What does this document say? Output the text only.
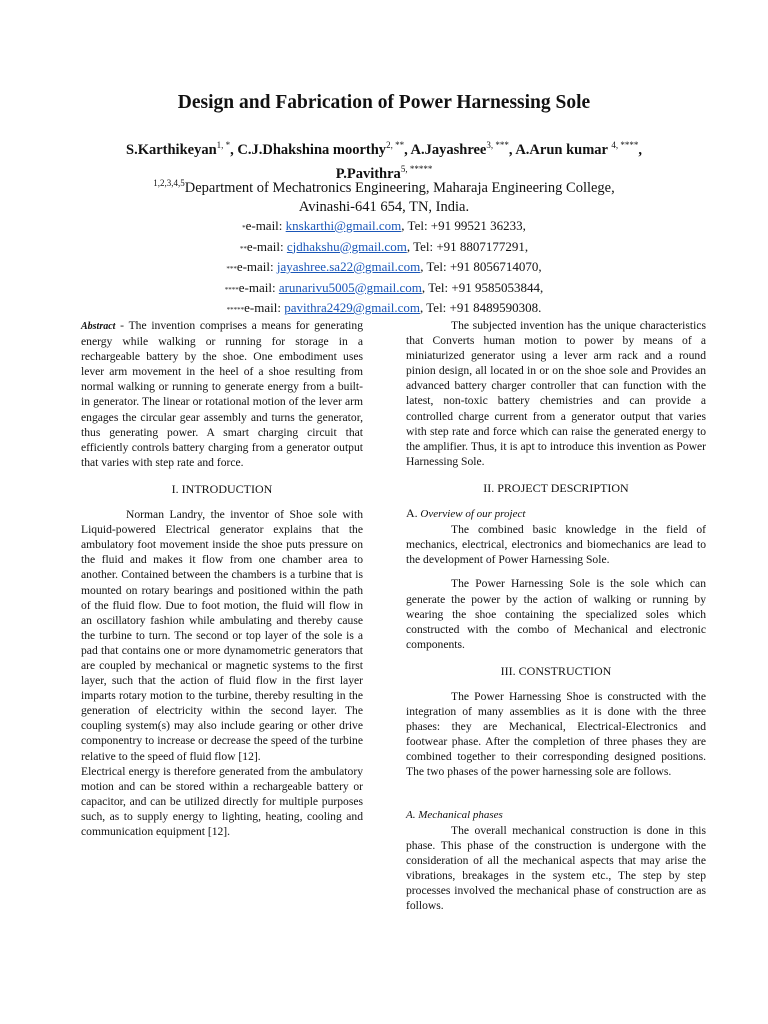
Design and Fabrication of Power Harnessing Sole
S.Karthikeyan$^{1, *}$, C.J.Dhakshina moorthy$^{2, **}$, A.Jayashree$^{3, ***}$, A.Arun kumar $^{4, ****}$,
P.Pavithra$^{5, *****}$
$^{1,2,3,4,5}$Department of Mechatronics Engineering, Maharaja Engineering College,
Avinashi-641 654, TN, India.
*e-mail: knskarthi@gmail.com, Tel: +91 99521 36233,
**e-mail: cjdhakshu@gmail.com, Tel: +91 8807177291,
***e-mail: jayashree.sa22@gmail.com, Tel: +91 8056714070,
****e-mail: arunarivu5005@gmail.com, Tel: +91 9585053844,
*****e-mail: pavithra2429@gmail.com, Tel: +91 8489590308.

Abstract - The invention comprises a means for generating energy while walking or running for storage in a rechargeable battery by the shoe. One embodiment uses lever arm movement in the heel of a shoe resulting from normal walking or running to generate energy from a built-in generator. The linear or rotational motion of the lever arm engages the circular gear assembly and turns the generator, thus generating power. A smart charging circuit that efficiently controls battery charging from a generator output that varies with step rate and force.

I. INTRODUCTION

Norman Landry, the inventor of Shoe sole with Liquid-powered Electrical generator explains that the ambulatory foot movement inside the shoe puts pressure on the fluid and makes it flow from one chamber area to another. Contained between the chambers is a turbine that is mounted on rotary bearings and positioned within the path of the fluid flow. Due to foot motion, the fluid will flow in an oscillatory fashion while ambulating and thereby cause the turbine to turn. The second or top layer of the sole is a pad that contains one or more dynamometric generators that are coupled by mechanical or magnetic systems to the first layer, such that the action of fluid flow in the first layer imparts rotary motion to the turbine, thereby resulting in the generation of electricity within the second layer. The coupling system(s) may also include gearing or other drive componentry to increase or decrease the speed of the turbine relative to the speed of fluid flow [12].

Electrical energy is therefore generated from the ambulatory motion and can be stored within a rechargeable battery or capacitor, and can be utilized directly for multiple purposes such, as to supply energy to lighting, heating, cooling and communication equipment [12].

The subjected invention has the unique characteristics that Converts human motion to power by means of a miniaturized generator using a lever arm rack and a round pinion design, all located in or on the shoe sole and Provides an advanced battery charger controller that can function with the latest, non-toxic battery chemistries and can provide a controlled charge current from a generator output that varies with step rate and force which can raise the generated energy to the amplifier. Thus, it is apt to introduce this invention as Power Harnessing Sole.

II. PROJECT DESCRIPTION

A. Overview of our project

The combined basic knowledge in the field of mechanics, electrical, electronics and biomechanics are lead to the development of Power Harnessing Sole.

The Power Harnessing Sole is the sole which can generate the power by the action of walking or running by wearing the shoe containing the specialized soles which constructed with the combo of Mechanical and electronic components.

III. CONSTRUCTION

The Power Harnessing Shoe is constructed with the integration of many assemblies as it is done with the three phases: they are Mechanical, Electrical-Electronics and footwear phase. After the completion of three phases they are combined together to their corresponding designed positions. The two phases of the power harnessing sole are follows.

A. Mechanical phases

The overall mechanical construction is done in this phase. This phase of the construction is undergone with the consideration of all the mechanical aspects that may arise the vibrations, breakages in the system etc., The step by step processes involved the mechanical phase of construction are as follows.
